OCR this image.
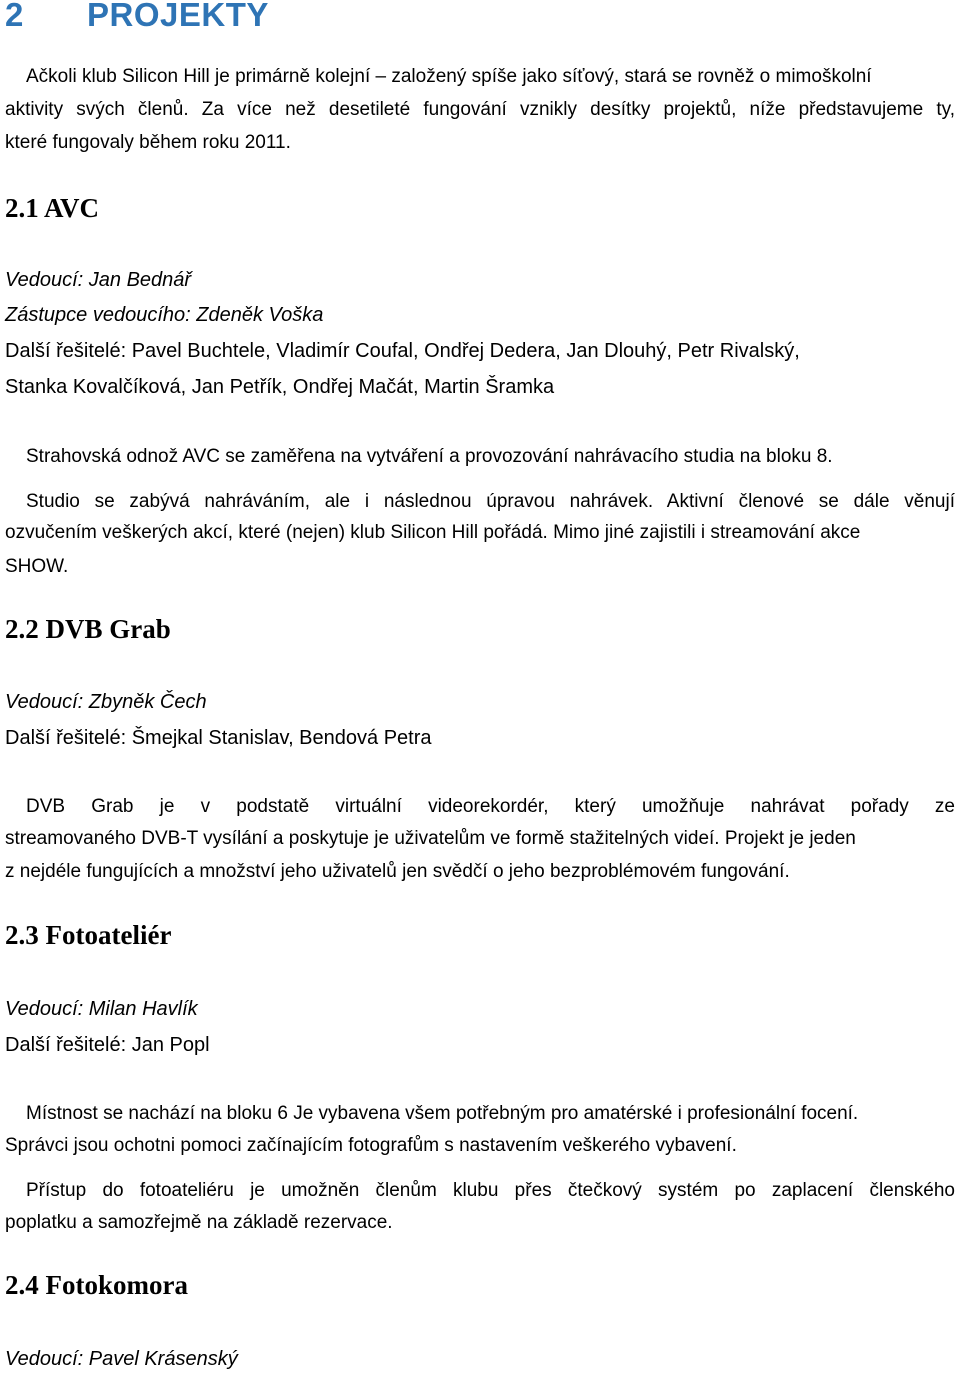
2 PROJEKTY
Ačkoli klub Silicon Hill je primárně kolejní – založený spíše jako síťový, stará se rovněž o mimoškolní
aktivity svých členů. Za více než desetileté fungování vznikly desítky projektů, níže představujeme ty,
které fungovaly během roku 2011.
2.1 AVC
Vedoucí: Jan Bednář
Zástupce vedoucího: Zdeněk Voška
Další řešitelé: Pavel Buchtele, Vladimír Coufal, Ondřej Dedera, Jan Dlouhý, Petr Rivalský,
Stanka Kovalčíková, Jan Petřík, Ondřej Mačát, Martin Šramka
Strahovská odnož AVC se zaměřena na vytváření a provozování nahrávacího studia na bloku 8.
Studio se zabývá nahráváním, ale i následnou úpravou nahrávek. Aktivní členové se dále věnují
ozvučením veškerých akcí, které (nejen) klub Silicon Hill pořádá. Mimo jiné zajistili i streamování akce
SHOW.
2.2 DVB Grab
Vedoucí: Zbyněk Čech
Další řešitelé: Šmejkal Stanislav, Bendová Petra
DVB Grab je v podstatě virtuální videorekordér, který umožňuje nahrávat pořady ze
streamovaného DVB-T vysílání a poskytuje je uživatelům ve formě stažitelných videí. Projekt je jeden
z nejdéle fungujících a množství jeho uživatelů jen svědčí o jeho bezproblémovém fungování.
2.3 Fotoateliér
Vedoucí: Milan Havlík
Další řešitelé: Jan Popl
Místnost se nachází na bloku 6 Je vybavena všem potřebným pro amatérské i profesionální focení.
Správci jsou ochotni pomoci začínajícím fotografům s nastavením veškerého vybavení.
Přístup do fotoateliéru je umožněn členům klubu přes čtečkový systém po zaplacení členského
poplatku a samozřejmě na základě rezervace.
2.4 Fotokomora
Vedoucí: Pavel Krásenský
